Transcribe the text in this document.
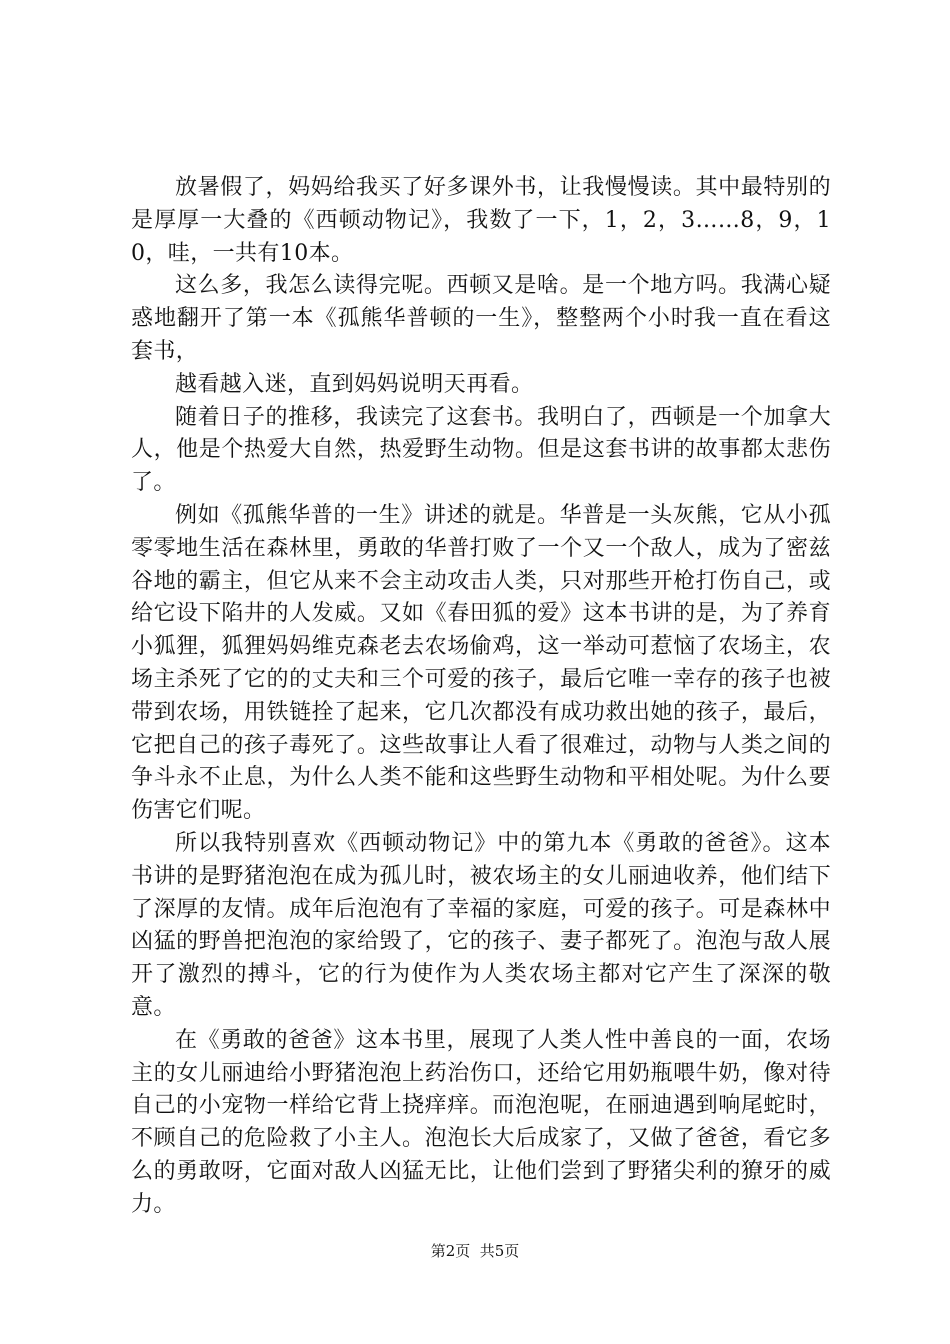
放暑假了，妈妈给我买了好多课外书，让我慢慢读。其中最特别的是厚厚一大叠的《西顿动物记》，我数了一下，1，2，3……8，9，10，哇，一共有10本。

这么多，我怎么读得完呢。西顿又是啥。是一个地方吗。我满心疑惑地翻开了第一本《孤熊华普顿的一生》，整整两个小时我一直在看这套书，

越看越入迷，直到妈妈说明天再看。

随着日子的推移，我读完了这套书。我明白了，西顿是一个加拿大人，他是个热爱大自然，热爱野生动物。但是这套书讲的故事都太悲伤了。

例如《孤熊华普的一生》讲述的就是。华普是一头灰熊，它从小孤零零地生活在森林里，勇敢的华普打败了一个又一个敌人，成为了密兹谷地的霸主，但它从来不会主动攻击人类，只对那些开枪打伤自己，或给它设下陷井的人发威。又如《春田狐的爱》这本书讲的是，为了养育小狐狸，狐狸妈妈维克森老去农场偷鸡，这一举动可惹恼了农场主，农场主杀死了它的的丈夫和三个可爱的孩子，最后它唯一幸存的孩子也被带到农场，用铁链拴了起来，它几次都没有成功救出她的孩子，最后，它把自己的孩子毒死了。这些故事让人看了很难过，动物与人类之间的争斗永不止息，为什么人类不能和这些野生动物和平相处呢。为什么要伤害它们呢。

所以我特别喜欢《西顿动物记》中的第九本《勇敢的爸爸》。这本书讲的是野猪泡泡在成为孤儿时，被农场主的女儿丽迪收养，他们结下了深厚的友情。成年后泡泡有了幸福的家庭，可爱的孩子。可是森林中凶猛的野兽把泡泡的家给毁了，它的孩子、妻子都死了。泡泡与敌人展开了激烈的搏斗，它的行为使作为人类农场主都对它产生了深深的敬意。

在《勇敢的爸爸》这本书里，展现了人类人性中善良的一面，农场主的女儿丽迪给小野猪泡泡上药治伤口，还给它用奶瓶喂牛奶，像对待自己的小宠物一样给它背上挠痒痒。而泡泡呢，在丽迪遇到响尾蛇时，不顾自己的危险救了小主人。泡泡长大后成家了，又做了爸爸，看它多么的勇敢呀，它面对敌人凶猛无比，让他们尝到了野猪尖利的獠牙的威力。

第2页  共5页
